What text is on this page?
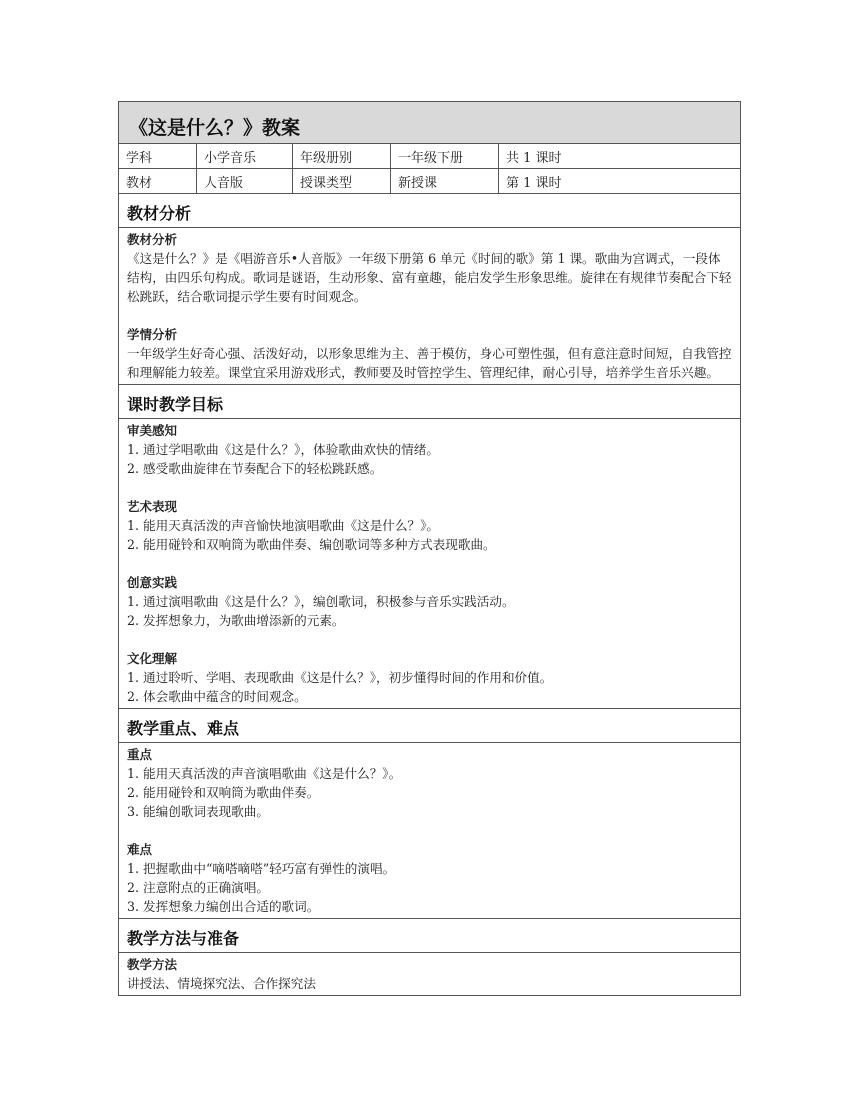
《这是什么？》教案
学科	小学音乐	年级册别	一年级下册	共 1 课时
教材	人音版	授课类型	新授课	第 1 课时
教材分析
教材分析

《这是什么？》是《唱游音乐•人音版》一年级下册第 6 单元《时间的歌》第 1 课。歌曲为宫调式，一段体结构，由四乐句构成。歌词是谜语，生动形象、富有童趣，能启发学生形象思维。旋律在有规律节奏配合下轻松跳跃，结合歌词提示学生要有时间观念。

学情分析

一年级学生好奇心强、活泼好动，以形象思维为主、善于模仿，身心可塑性强，但有意注意时间短，自我管控和理解能力较差。课堂宜采用游戏形式，教师要及时管控学生、管理纪律，耐心引导，培养学生音乐兴趣。

课时教学目标
审美感知

1. 通过学唱歌曲《这是什么？》，体验歌曲欢快的情绪。

2. 感受歌曲旋律在节奏配合下的轻松跳跃感。

艺术表现

1. 能用天真活泼的声音愉快地演唱歌曲《这是什么？》。

2. 能用碰铃和双响筒为歌曲伴奏、编创歌词等多种方式表现歌曲。

创意实践

1. 通过演唱歌曲《这是什么？》，编创歌词，积极参与音乐实践活动。

2. 发挥想象力，为歌曲增添新的元素。

文化理解

1. 通过聆听、学唱、表现歌曲《这是什么？》，初步懂得时间的作用和价值。

2. 体会歌曲中蕴含的时间观念。

教学重点、难点
重点

1. 能用天真活泼的声音演唱歌曲《这是什么？》。

2. 能用碰铃和双响筒为歌曲伴奏。

3. 能编创歌词表现歌曲。

难点

1. 把握歌曲中“嘀嗒嘀嗒”轻巧富有弹性的演唱。

2. 注意附点的正确演唱。

3. 发挥想象力编创出合适的歌词。

教学方法与准备
教学方法

讲授法、情境探究法、合作探究法
